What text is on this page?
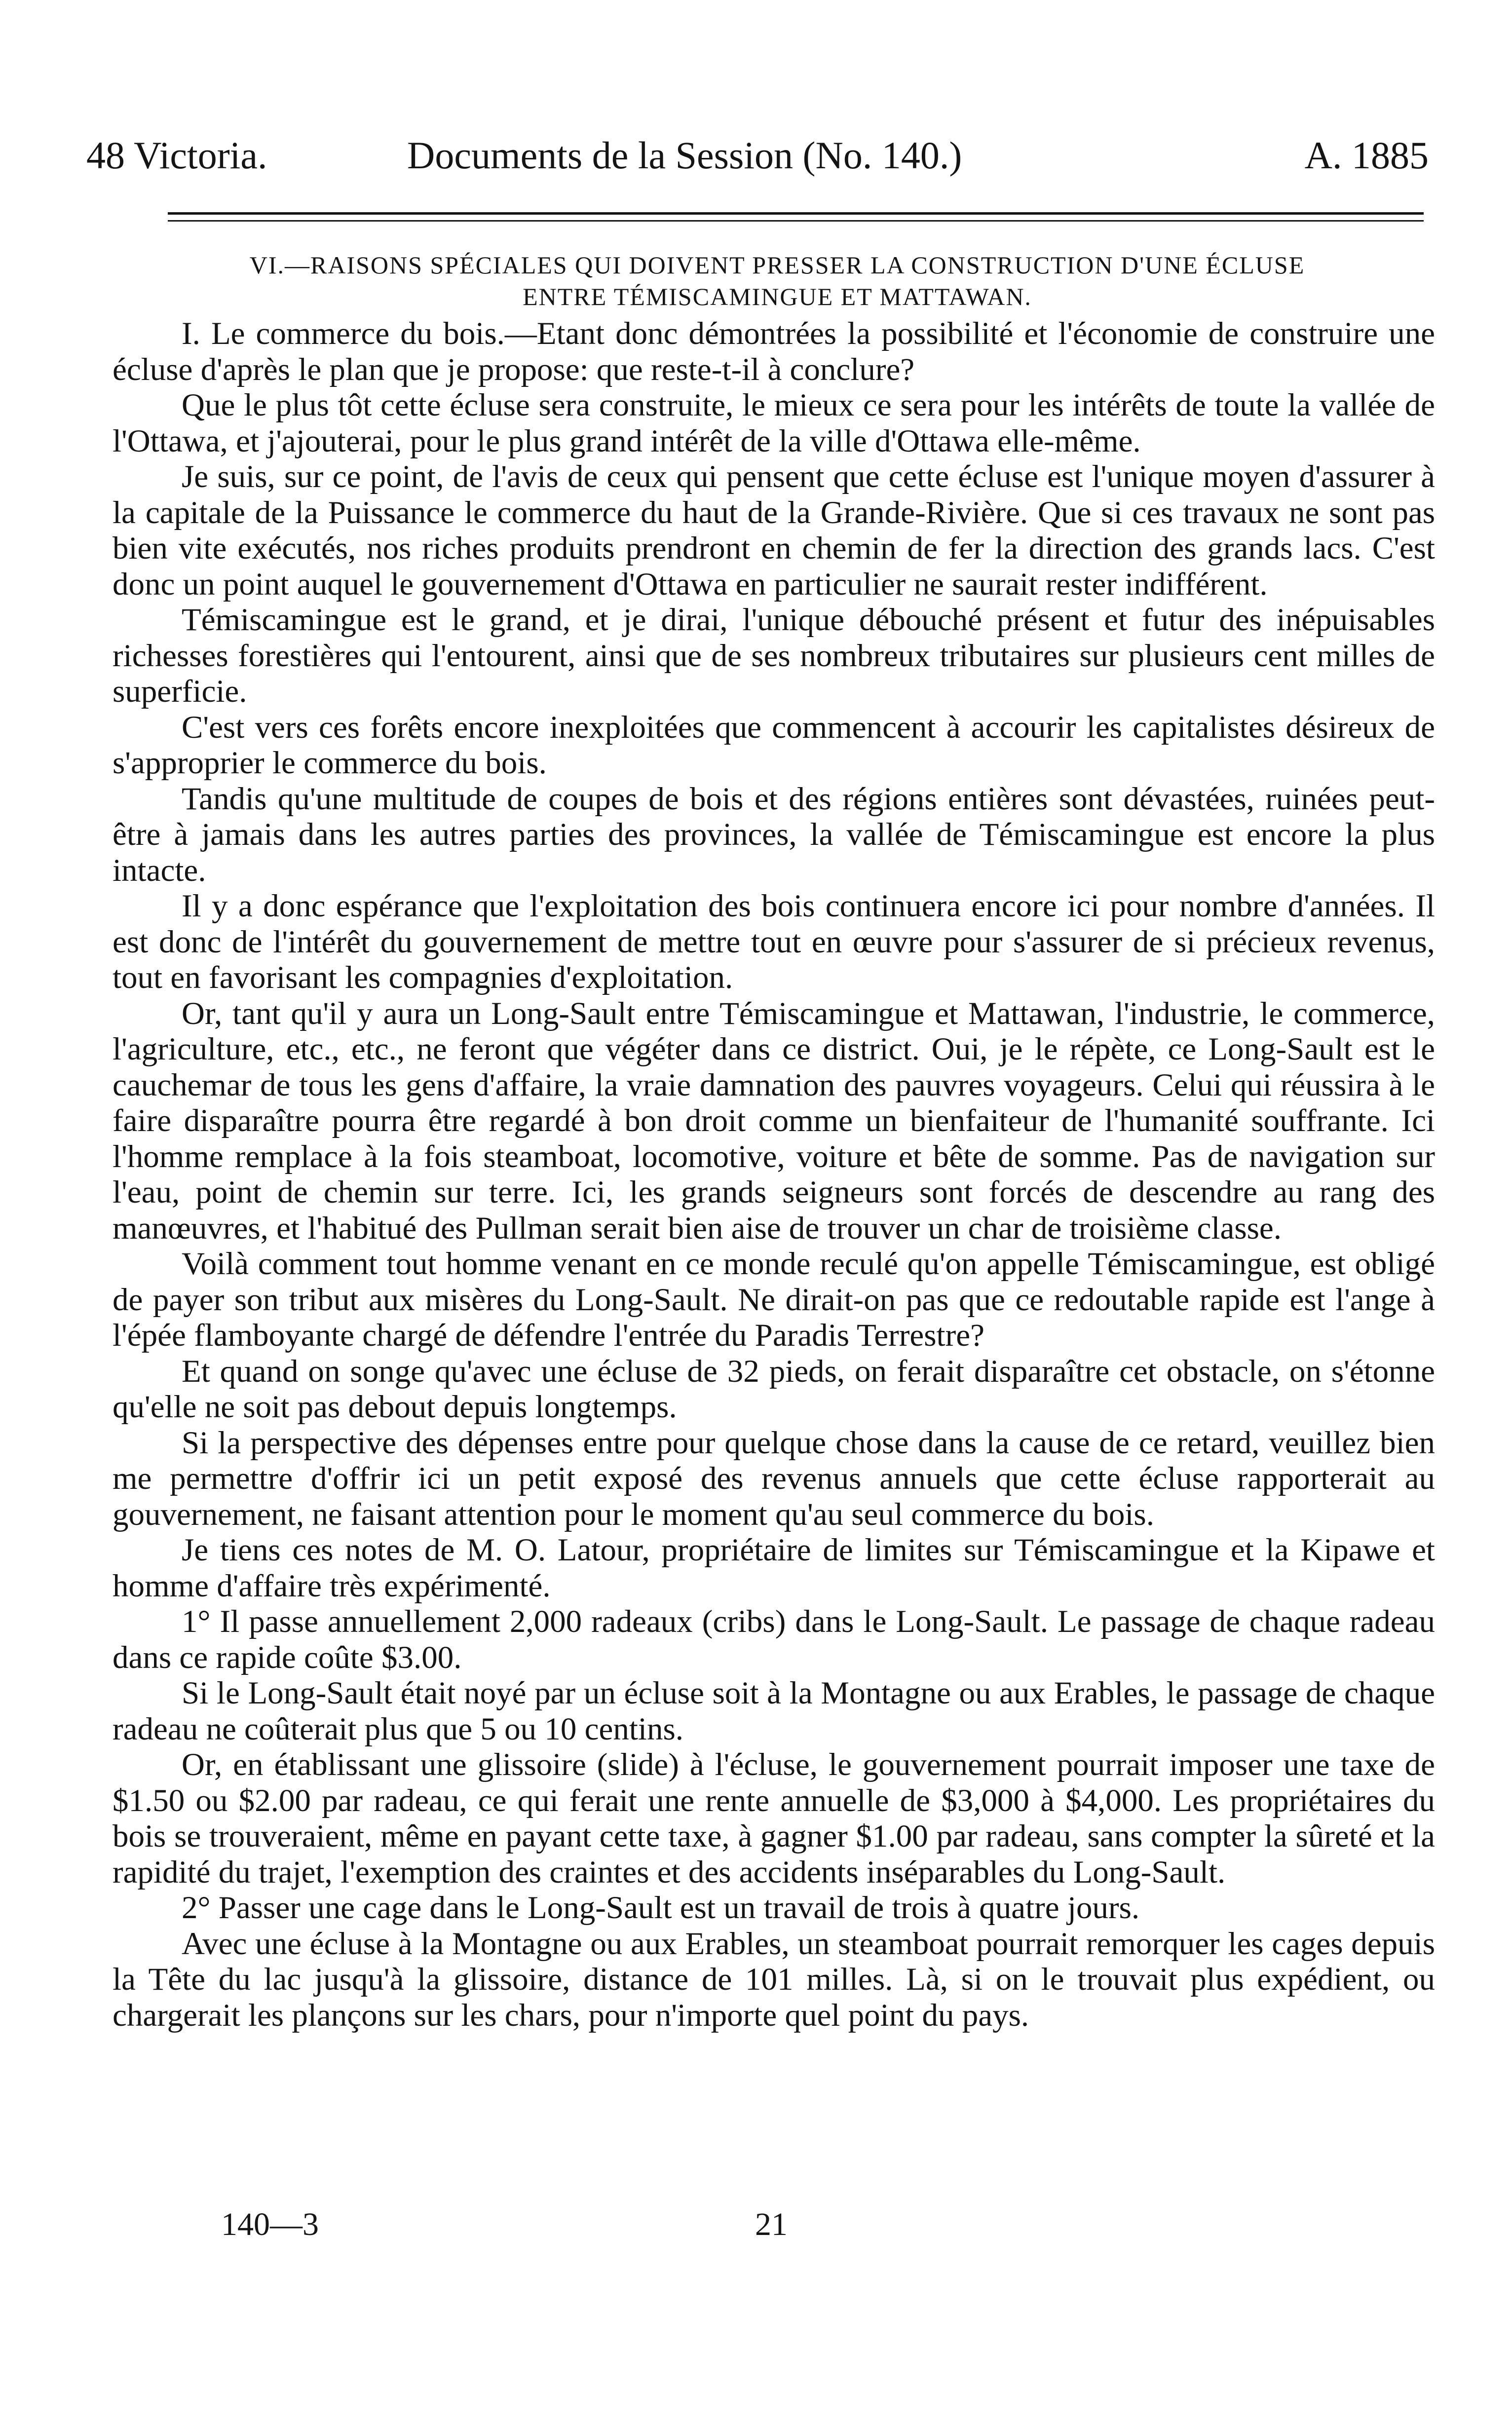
48 Victoria.	Documents de la Session (No. 140.)	A. 1885
VI.—RAISONS SPÉCIALES QUI DOIVENT PRESSER LA CONSTRUCTION D'UNE ÉCLUSE
ENTRE TÉMISCAMINGUE ET MATTAWAN.

I. Le commerce du bois.—Etant donc démontrées la possibilité et l'économie de construire une écluse d'après le plan que je propose: que reste-t-il à conclure?

Que le plus tôt cette écluse sera construite, le mieux ce sera pour les intérêts de toute la vallée de l'Ottawa, et j'ajouterai, pour le plus grand intérêt de la ville d'Ottawa elle-même.

Je suis, sur ce point, de l'avis de ceux qui pensent que cette écluse est l'unique moyen d'assurer à la capitale de la Puissance le commerce du haut de la Grande-Rivière. Que si ces travaux ne sont pas bien vite exécutés, nos riches produits prendront en chemin de fer la direction des grands lacs. C'est donc un point auquel le gouvernement d'Ottawa en particulier ne saurait rester indifférent.

Témiscamingue est le grand, et je dirai, l'unique débouché présent et futur des inépuisables richesses forestières qui l'entourent, ainsi que de ses nombreux tributaires sur plusieurs cent milles de superficie.

C'est vers ces forêts encore inexploitées que commencent à accourir les capitalistes désireux de s'approprier le commerce du bois.

Tandis qu'une multitude de coupes de bois et des régions entières sont dévastées, ruinées peut-être à jamais dans les autres parties des provinces, la vallée de Témiscamingue est encore la plus intacte.

Il y a donc espérance que l'exploitation des bois continuera encore ici pour nombre d'années. Il est donc de l'intérêt du gouvernement de mettre tout en œuvre pour s'assurer de si précieux revenus, tout en favorisant les compagnies d'exploitation.

Or, tant qu'il y aura un Long-Sault entre Témiscamingue et Mattawan, l'industrie, le commerce, l'agriculture, etc., etc., ne feront que végéter dans ce district. Oui, je le répète, ce Long-Sault est le cauchemar de tous les gens d'affaire, la vraie damnation des pauvres voyageurs. Celui qui réussira à le faire disparaître pourra être regardé à bon droit comme un bienfaiteur de l'humanité souffrante. Ici l'homme remplace à la fois steamboat, locomotive, voiture et bête de somme. Pas de navigation sur l'eau, point de chemin sur terre. Ici, les grands seigneurs sont forcés de descendre au rang des manœuvres, et l'habitué des Pullman serait bien aise de trouver un char de troisième classe.

Voilà comment tout homme venant en ce monde reculé qu'on appelle Témiscamingue, est obligé de payer son tribut aux misères du Long-Sault. Ne dirait-on pas que ce redoutable rapide est l'ange à l'épée flamboyante chargé de défendre l'entrée du Paradis Terrestre?

Et quand on songe qu'avec une écluse de 32 pieds, on ferait disparaître cet obstacle, on s'étonne qu'elle ne soit pas debout depuis longtemps.

Si la perspective des dépenses entre pour quelque chose dans la cause de ce retard, veuillez bien me permettre d'offrir ici un petit exposé des revenus annuels que cette écluse rapporterait au gouvernement, ne faisant attention pour le moment qu'au seul commerce du bois.

Je tiens ces notes de M. O. Latour, propriétaire de limites sur Témiscamingue et la Kipawe et homme d'affaire très expérimenté.

1° Il passe annuellement 2,000 radeaux (cribs) dans le Long-Sault. Le passage de chaque radeau dans ce rapide coûte $3.00.

Si le Long-Sault était noyé par un écluse soit à la Montagne ou aux Erables, le passage de chaque radeau ne coûterait plus que 5 ou 10 centins.

Or, en établissant une glissoire (slide) à l'écluse, le gouvernement pourrait imposer une taxe de $1.50 ou $2.00 par radeau, ce qui ferait une rente annuelle de $3,000 à $4,000. Les propriétaires du bois se trouveraient, même en payant cette taxe, à gagner $1.00 par radeau, sans compter la sûreté et la rapidité du trajet, l'exemption des craintes et des accidents inséparables du Long-Sault.

2° Passer une cage dans le Long-Sault est un travail de trois à quatre jours.

Avec une écluse à la Montagne ou aux Erables, un steamboat pourrait remorquer les cages depuis la Tête du lac jusqu'à la glissoire, distance de 101 milles. Là, si on le trouvait plus expédient, ou chargerait les plançons sur les chars, pour n'importe quel point du pays.

140—3	21
